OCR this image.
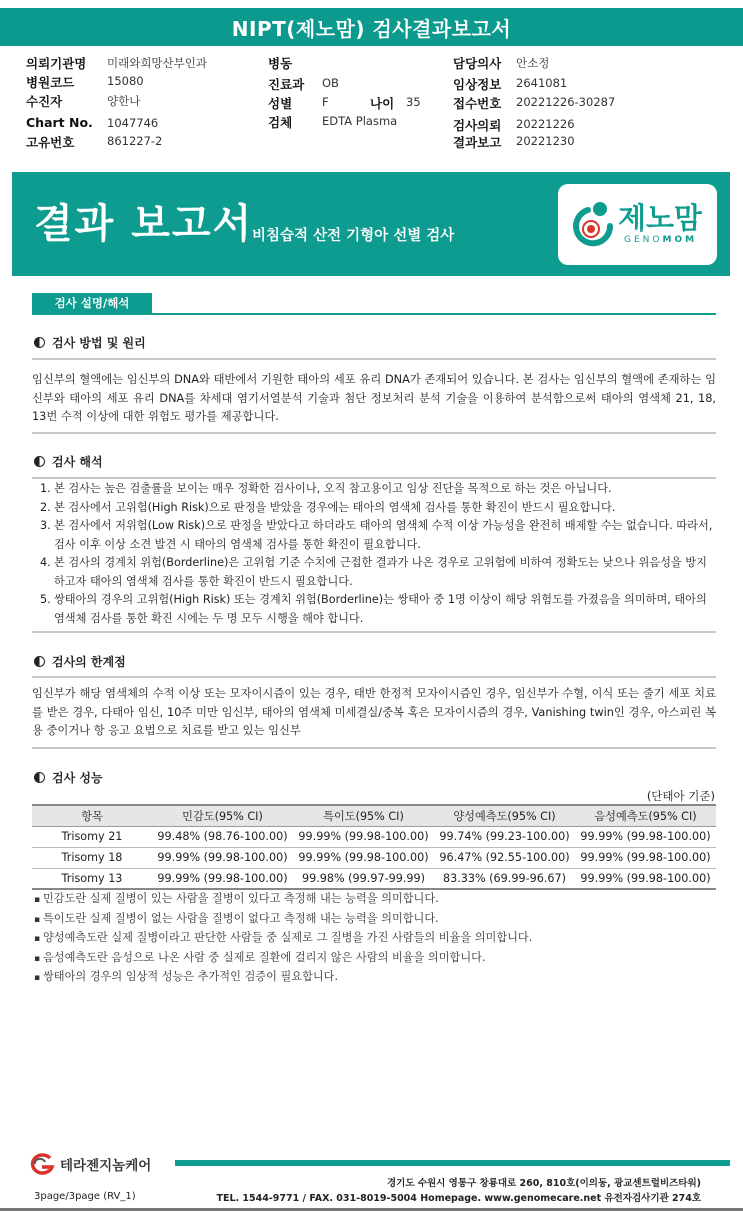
NIPT(제노맘) 검사결과보고서
의뢰기관명 미래와희망산부인과
병원코드	15080
수진자	양한나
Chart No. 1047746
고유번호	861227-2
병동
진료과 OB
성별	F	나이 35
검체	EDTA Plasma
담당의사 안소정
임상정보 2641081
접수번호 20221226-30287
검사의뢰 20221226
결과보고 20221230
결과 보고서
비침습적 산전 기형아 선별 검사
제노맘
GENOMOM
검사 설명/해석
검사 방법 및 원리
임신부의 혈액에는 임신부의 DNA와 태반에서 기원한 태아의 세포 유리 DNA가 존재되어 있습니다. 본 검사는 임신부의 혈액에 존재하는 임신부와 태아의 세포 유리 DNA를 차세대 염기서열분석 기술과 첨단 정보처리 분석 기술을 이용하여 분석함으로써 태아의 염색체 21, 18, 13번 수적 이상에 대한 위험도 평가를 제공합니다.
검사 해석
1. 본 검사는 높은 검출률을 보이는 매우 정확한 검사이나, 오직 참고용이고 임상 진단을 목적으로 하는 것은 아닙니다.
2. 본 검사에서 고위험(High Risk)으로 판정을 받았을 경우에는 태아의 염색체 검사를 통한 확진이 반드시 필요합니다.
3. 본 검사에서 저위험(Low Risk)으로 판정을 받았다고 하더라도 태아의 염색체 수적 이상 가능성을 완전히 배제할 수는 없습니다. 따라서, 검사 이후 이상 소견 발견 시 태아의 염색체 검사를 통한 확진이 필요합니다.
4. 본 검사의 경계치 위험(Borderline)은 고위험 기준 수치에 근접한 결과가 나온 경우로 고위험에 비하여 정확도는 낮으나 위음성을 방지하고자 태아의 염색체 검사를 통한 확진이 반드시 필요합니다.
5. 쌍태아의 경우의 고위험(High Risk) 또는 경계치 위험(Borderline)는 쌍태아 중 1명 이상이 해당 위험도를 가졌음을 의미하며, 태아의 염색체 검사를 통한 확진 시에는 두 명 모두 시행을 해야 합니다.
검사의 한계점
임신부가 해당 염색체의 수적 이상 또는 모자이시즘이 있는 경우, 태반 한정적 모자이시즘인 경우, 임신부가 수혈, 이식 또는 줄기 세포 치료를 받은 경우, 다태아 임신, 10주 미만 임신부, 태아의 염색체 미세결실/중복 혹은 모자이시즘의 경우, Vanishing twin인 경우, 아스피린 복용 중이거나 항 응고 요법으로 치료를 받고 있는 임신부
검사 성능
(단태아 기준)
항목	민감도(95% CI)	특이도(95% CI)	양성예측도(95% CI)	음성예측도(95% CI)
Trisomy 21	99.48% (98.76-100.00)	99.99% (99.98-100.00)	99.74% (99.23-100.00)	99.99% (99.98-100.00)
Trisomy 18	99.99% (99.98-100.00)	99.99% (99.98-100.00)	96.47% (92.55-100.00)	99.99% (99.98-100.00)
Trisomy 13	99.99% (99.98-100.00)	99.98% (99.97-99.99)	83.33% (69.99-96.67)	99.99% (99.98-100.00)
▪ 민감도란 실제 질병이 있는 사람을 질병이 있다고 측정해 내는 능력을 의미합니다.
▪ 특이도란 실제 질병이 없는 사람을 질병이 없다고 측정해 내는 능력을 의미합니다.
▪ 양성예측도란 실제 질병이라고 판단한 사람들 중 실제로 그 질병을 가진 사람들의 비율을 의미합니다.
▪ 음성예측도란 음성으로 나온 사람 중 실제로 질환에 걸리지 않은 사람의 비율을 의미합니다.
▪ 쌍태아의 경우의 임상적 성능은 추가적인 검증이 필요합니다.
테라젠지놈케어
경기도 수원시 영통구 창룡대로 260, 810호(이의동, 광교센트럴비즈타워)
TEL. 1544-9771 / FAX. 031-8019-5004 Homepage. www.genomecare.net 유전자검사기관 274호
3page/3page (RV_1)
